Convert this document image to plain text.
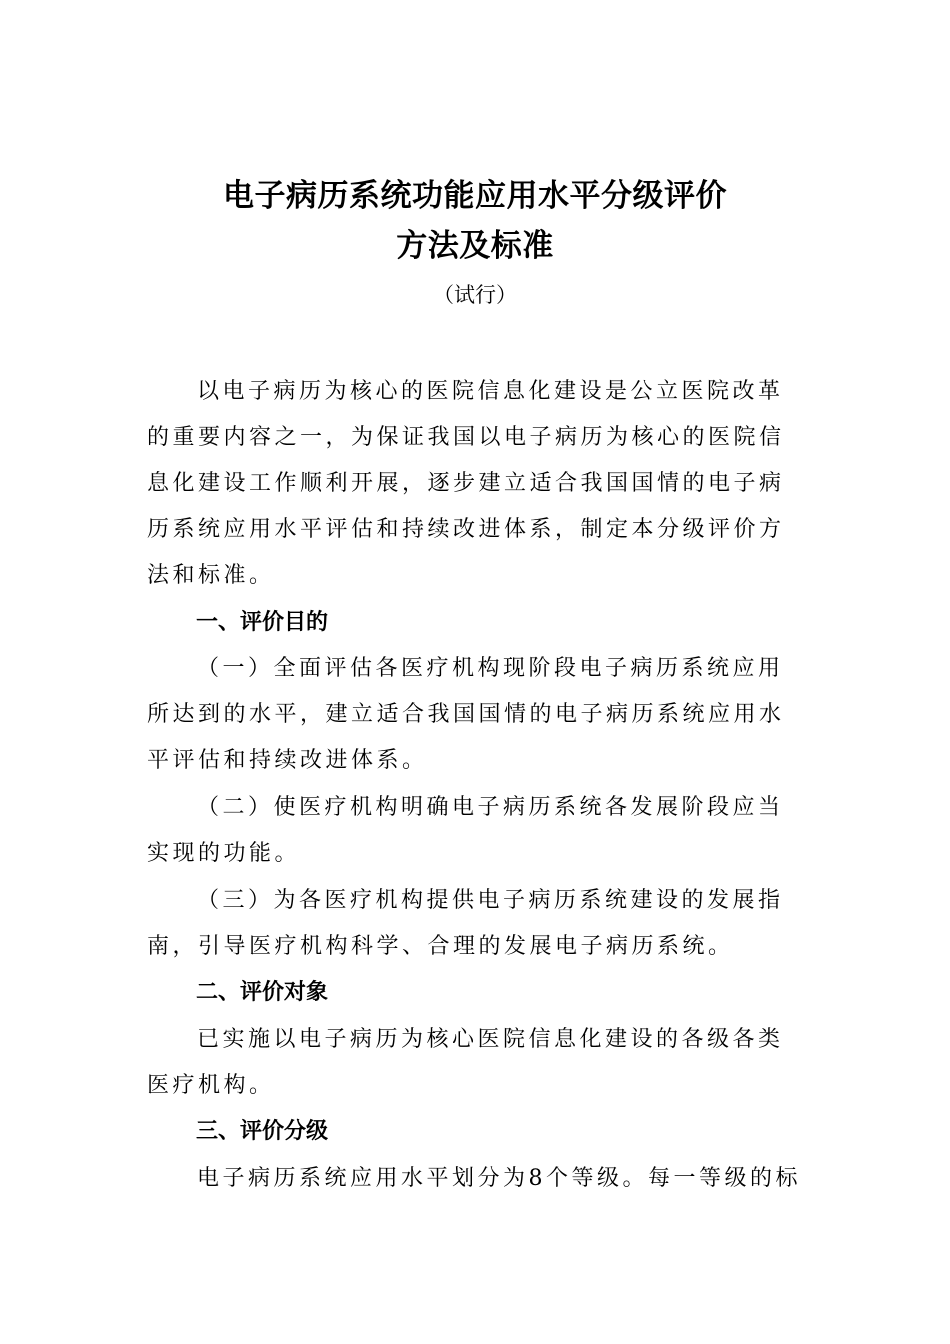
电子病历系统功能应用水平分级评价
方法及标准
（试行）
以电子病历为核心的医院信息化建设是公立医院改革
的重要内容之一，为保证我国以电子病历为核心的医院信
息化建设工作顺利开展，逐步建立适合我国国情的电子病
历系统应用水平评估和持续改进体系，制定本分级评价方
法和标准。
一、评价目的
（一）全面评估各医疗机构现阶段电子病历系统应用
所达到的水平，建立适合我国国情的电子病历系统应用水
平评估和持续改进体系。
（二）使医疗机构明确电子病历系统各发展阶段应当
实现的功能。
（三）为各医疗机构提供电子病历系统建设的发展指
南，引导医疗机构科学、合理的发展电子病历系统。
二、评价对象
已实施以电子病历为核心医院信息化建设的各级各类
医疗机构。
三、评价分级
电子病历系统应用水平划分为8个等级。每一等级的标
